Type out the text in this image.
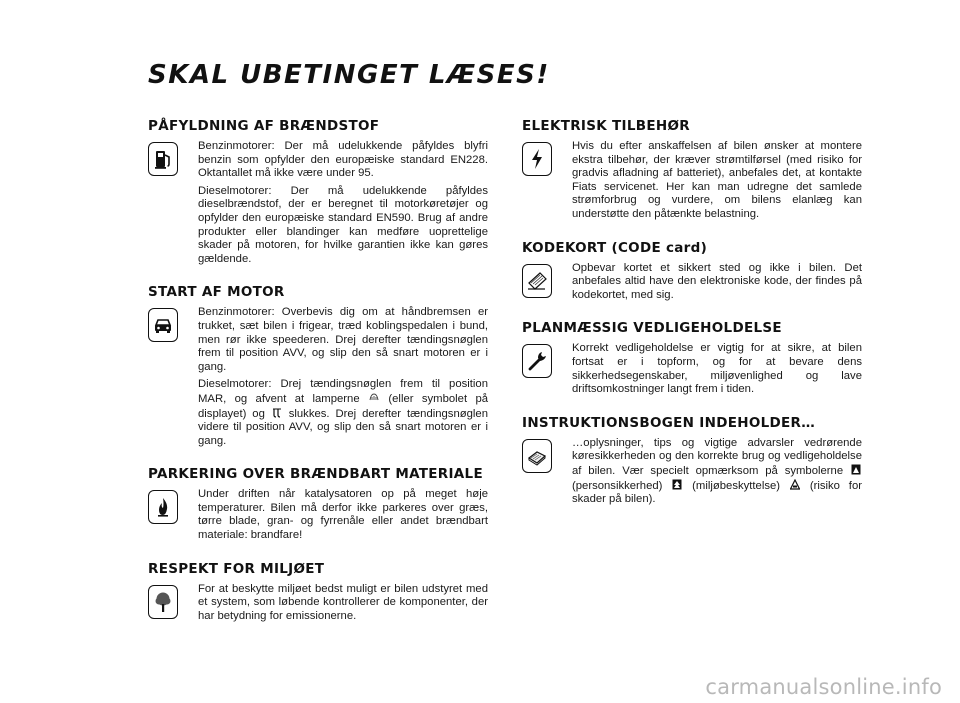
SKAL UBETINGET LÆSES!
PÅFYLDNING AF BRÆNDSTOF

Benzinmotorer: Der må udelukkende påfyldes blyfri benzin som opfylder den europæiske standard EN228. Oktantallet må ikke være under 95.

Dieselmotorer: Der må udelukkende påfyldes dieselbrændstof, der er beregnet til motorkøretøjer og opfylder den europæiske standard EN590. Brug af andre produkter eller blandinger kan medføre uoprettelige skader på motoren, for hvilke garantien ikke kan gøres gældende.

START AF MOTOR

Benzinmotorer: Overbevis dig om at håndbremsen er trukket, sæt bilen i frigear, træd koblingspedalen i bund, men rør ikke speederen. Drej derefter tændingsnøglen frem til position AVV, og slip den så snart motoren er i gang.

Dieselmotorer: Drej tændingsnøglen frem til position MAR, og afvent at lamperne	(eller symbolet på displayet) og slukkes. Drej derefter tændingsnøglen videre til position AVV, og slip den så snart motoren er i gang.

PARKERING OVER BRÆNDBART MATERIALE

Under driften når katalysatoren op på meget høje temperaturer. Bilen må derfor ikke parkeres over græs, tørre blade, gran- og fyrrenåle eller andet brændbart materiale: brandfare!

RESPEKT FOR MILJØET

For at beskytte miljøet bedst muligt er bilen udstyret med et system, som løbende kontrollerer de komponenter, der har betydning for emissionerne.

ELEKTRISK TILBEHØR

Hvis du efter anskaffelsen af bilen ønsker at montere ekstra tilbehør, der kræver strømtilførsel (med risiko for gradvis afladning af batteriet), anbefales det, at kontakte Fiats servicenet. Her kan man udregne det samlede strømforbrug og vurdere, om bilens elanlæg kan understøtte den påtænkte belastning.

KODEKORT (CODE card)

Opbevar kortet et sikkert sted og ikke i bilen. Det anbefales altid have den elektroniske kode, der findes på kodekortet, med sig.

PLANMÆSSIG VEDLIGEHOLDELSE

Korrekt vedligeholdelse er vigtig for at sikre, at bilen fortsat er i topform, og for at bevare dens sikkerhedsegenskaber, miljøvenlighed og lave driftsomkostninger langt frem i tiden.

INSTRUKTIONSBOGEN INDEHOLDER…

…oplysninger, tips og vigtige advarsler vedrørende køresikkerheden og den korrekte brug og vedligeholdelse af bilen. Vær specielt opmærksom på symbolerne  (personsikkerhed)	(miljøbeskyttelse)	(risiko for skader på bilen).

carmanualsonline.info
